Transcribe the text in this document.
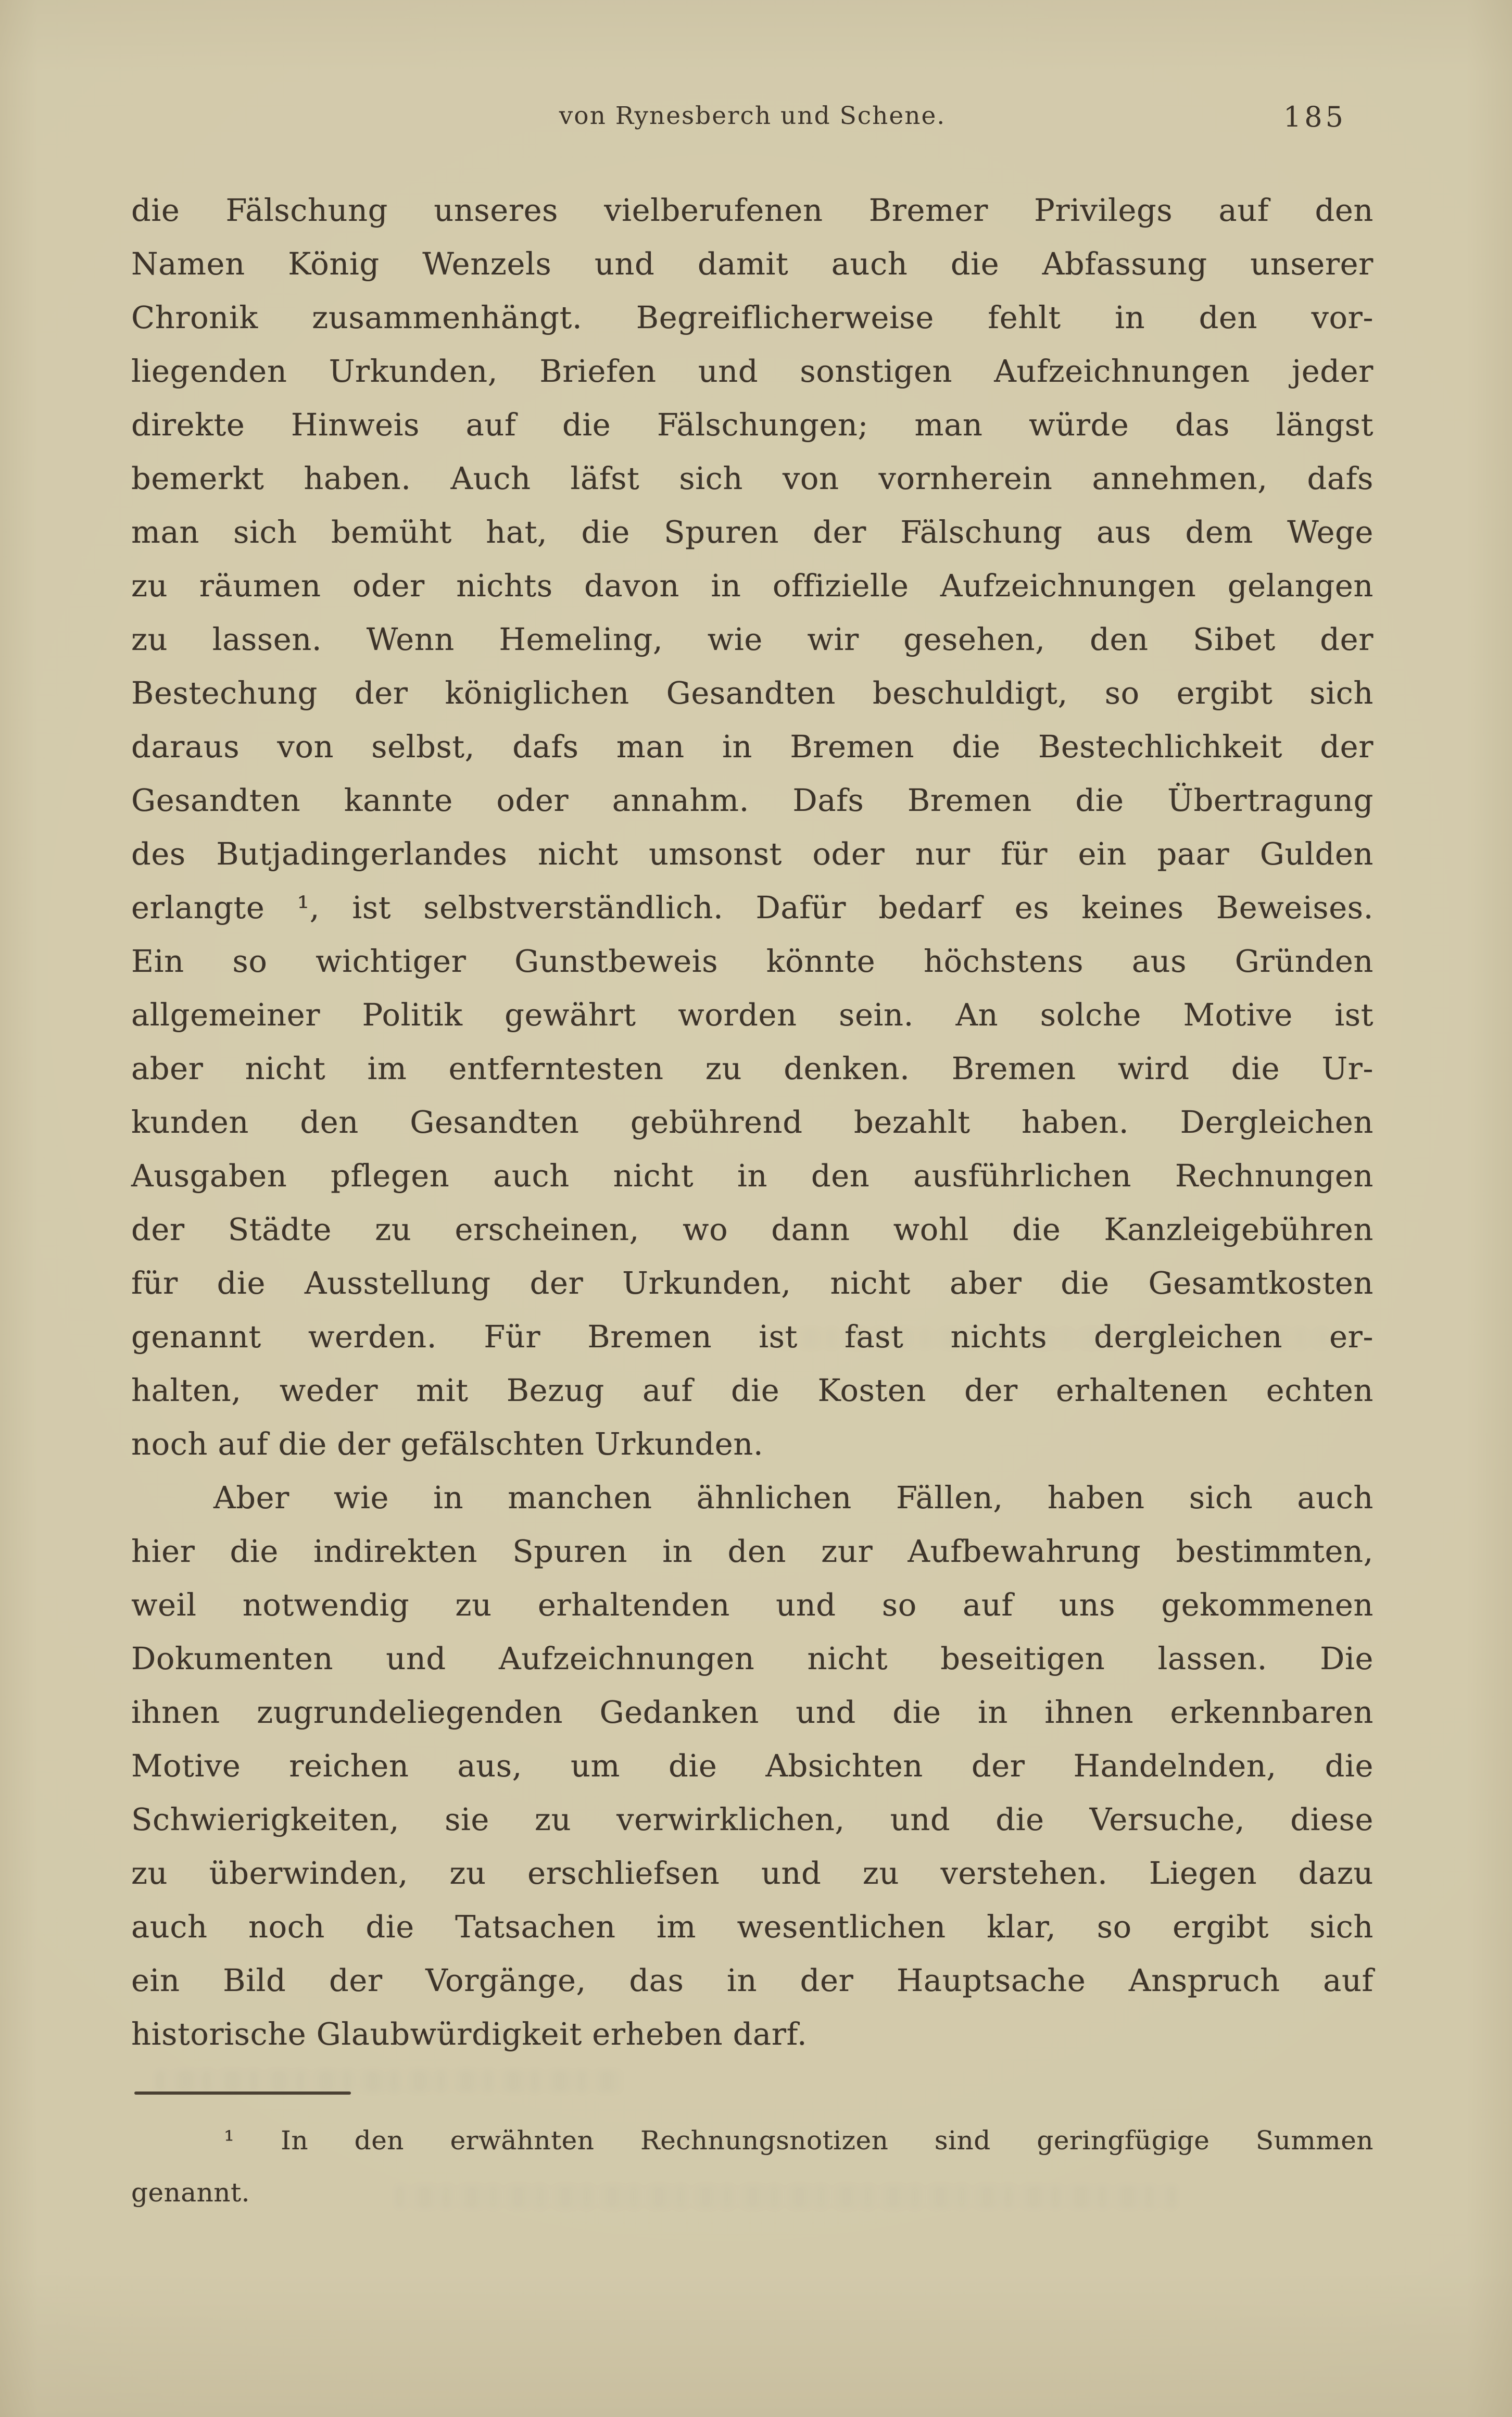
von Rynesberch und Schene.	185
die Fälschung unseres vielberufenen Bremer Privilegs auf den
Namen König Wenzels und damit auch die Abfassung unserer
Chronik zusammenhängt. Begreiflicherweise fehlt in den vor-
liegenden Urkunden, Briefen und sonstigen Aufzeichnungen jeder
direkte Hinweis auf die Fälschungen; man würde das längst
bemerkt haben. Auch läfst sich von vornherein annehmen, dafs
man sich bemüht hat, die Spuren der Fälschung aus dem Wege
zu räumen oder nichts davon in offizielle Aufzeichnungen gelangen
zu lassen. Wenn Hemeling, wie wir gesehen, den Sibet der
Bestechung der königlichen Gesandten beschuldigt, so ergibt sich
daraus von selbst, dafs man in Bremen die Bestechlichkeit der
Gesandten kannte oder annahm. Dafs Bremen die Übertragung
des Butjadingerlandes nicht umsonst oder nur für ein paar Gulden
erlangte ¹, ist selbstverständlich. Dafür bedarf es keines Beweises.
Ein so wichtiger Gunstbeweis könnte höchstens aus Gründen
allgemeiner Politik gewährt worden sein. An solche Motive ist
aber nicht im entferntesten zu denken. Bremen wird die Ur-
kunden den Gesandten gebührend bezahlt haben. Dergleichen
Ausgaben pflegen auch nicht in den ausführlichen Rechnungen
der Städte zu erscheinen, wo dann wohl die Kanzleigebühren
für die Ausstellung der Urkunden, nicht aber die Gesamtkosten
genannt werden. Für Bremen ist fast nichts dergleichen er-
halten, weder mit Bezug auf die Kosten der erhaltenen echten
noch auf die der gefälschten Urkunden.
Aber wie in manchen ähnlichen Fällen, haben sich auch
hier die indirekten Spuren in den zur Aufbewahrung bestimmten,
weil notwendig zu erhaltenden und so auf uns gekommenen
Dokumenten und Aufzeichnungen nicht beseitigen lassen. Die
ihnen zugrundeliegenden Gedanken und die in ihnen erkennbaren
Motive reichen aus, um die Absichten der Handelnden, die
Schwierigkeiten, sie zu verwirklichen, und die Versuche, diese
zu überwinden, zu erschliefsen und zu verstehen. Liegen dazu
auch noch die Tatsachen im wesentlichen klar, so ergibt sich
ein Bild der Vorgänge, das in der Hauptsache Anspruch auf
historische Glaubwürdigkeit erheben darf.
¹ In den erwähnten Rechnungsnotizen sind geringfügige Summen
genannt.
